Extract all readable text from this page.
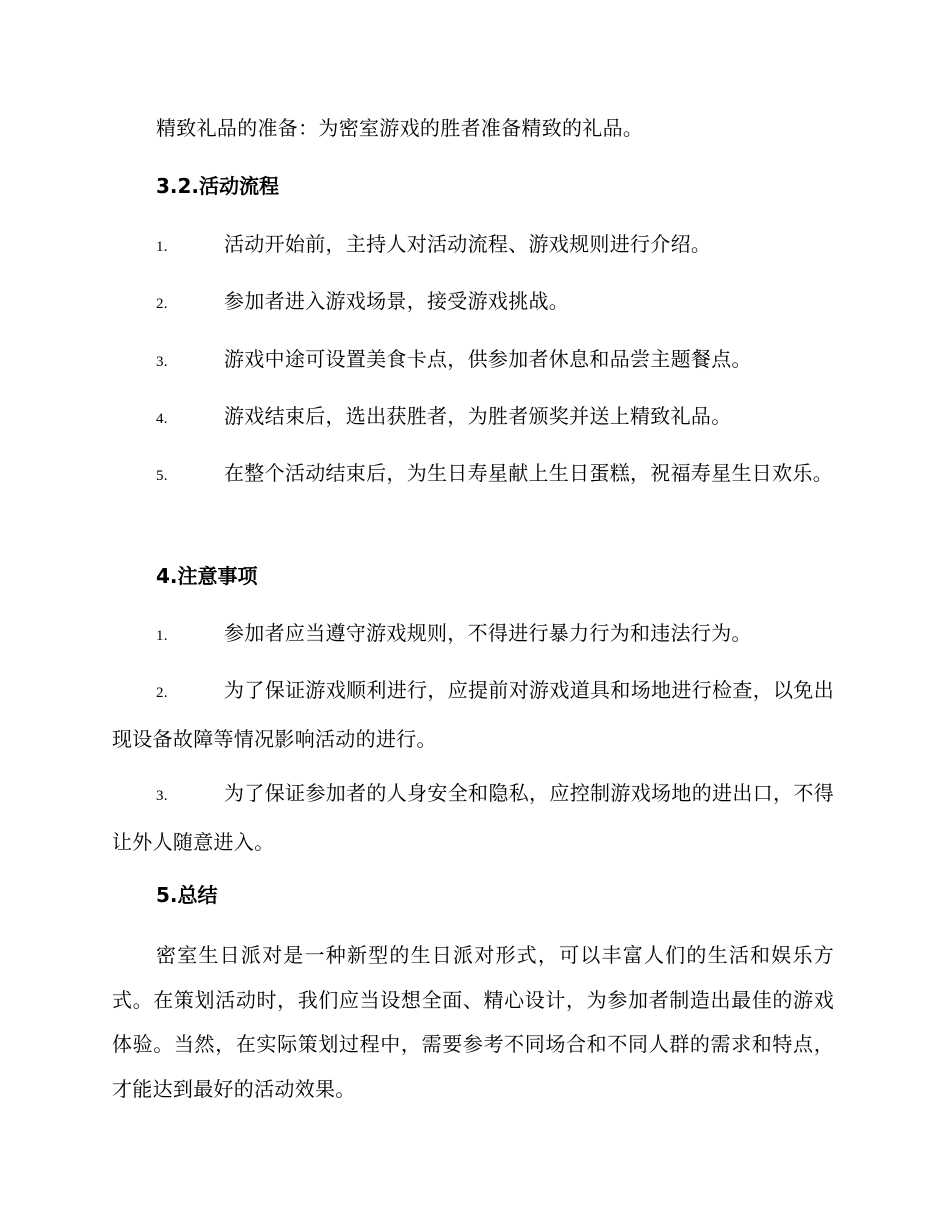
精致礼品的准备：为密室游戏的胜者准备精致的礼品。
3.2.活动流程
1.	活动开始前，主持人对活动流程、游戏规则进行介绍。
2.	参加者进入游戏场景，接受游戏挑战。
3.	游戏中途可设置美食卡点，供参加者休息和品尝主题餐点。
4.	游戏结束后，选出获胜者，为胜者颁奖并送上精致礼品。
5.	在整个活动结束后，为生日寿星献上生日蛋糕，祝福寿星生日欢乐。
4.注意事项
1.	参加者应当遵守游戏规则，不得进行暴力行为和违法行为。
2.	为了保证游戏顺利进行，应提前对游戏道具和场地进行检查，以免出现设备故障等情况影响活动的进行。
3.	为了保证参加者的人身安全和隐私，应控制游戏场地的进出口，不得让外人随意进入。
5.总结
密室生日派对是一种新型的生日派对形式，可以丰富人们的生活和娱乐方式。在策划活动时，我们应当设想全面、精心设计，为参加者制造出最佳的游戏体验。当然，在实际策划过程中，需要参考不同场合和不同人群的需求和特点，才能达到最好的活动效果。
